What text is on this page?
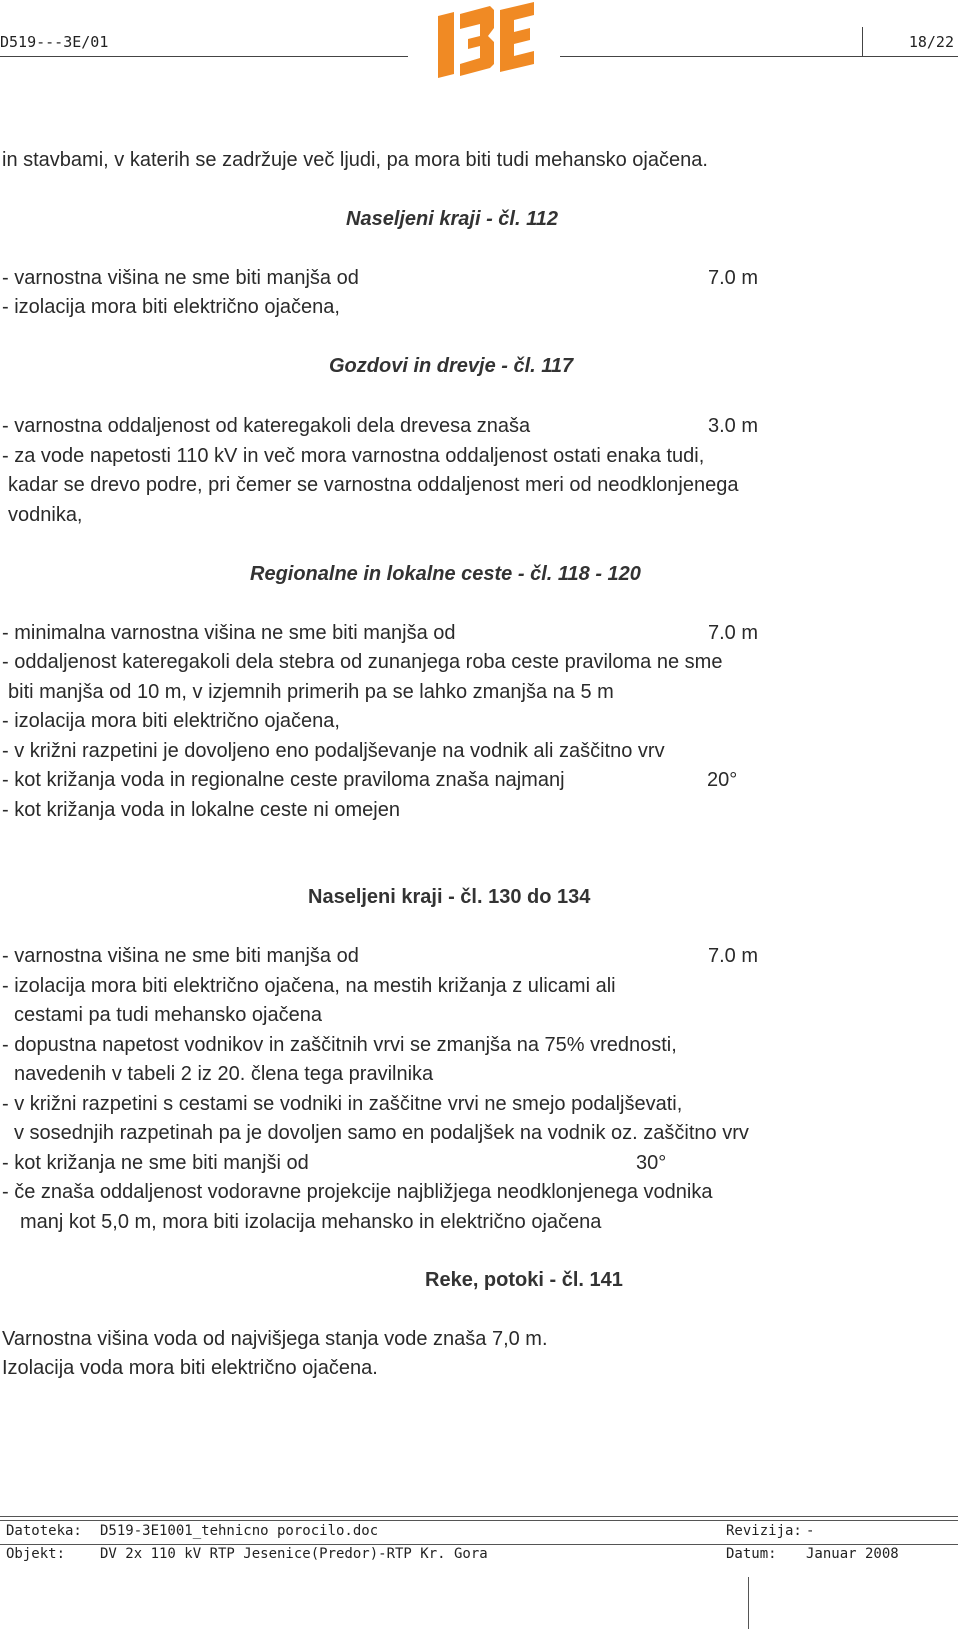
D519---3E/01	18/22
in stavbami, v katerih se zadržuje več ljudi, pa mora biti tudi mehansko ojačena.
Naseljeni kraji - čl. 112
- varnostna višina ne sme biti manjša od	7.0 m
- izolacija mora biti električno ojačena,
Gozdovi in drevje - čl. 117
- varnostna oddaljenost od kateregakoli dela drevesa znaša	3.0 m
- za vode napetosti 110 kV in več mora varnostna oddaljenost ostati enaka tudi,
kadar se drevo podre, pri čemer se varnostna oddaljenost meri od neodklonjenega
vodnika,
Regionalne in lokalne ceste - čl. 118 - 120
- minimalna varnostna višina ne sme biti manjša od	7.0 m
- oddaljenost kateregakoli dela stebra od zunanjega roba ceste praviloma ne sme
biti manjša od 10 m, v izjemnih primerih pa se lahko zmanjša na 5 m
- izolacija mora biti električno ojačena,
- v križni razpetini je dovoljeno eno podaljševanje na vodnik ali zaščitno vrv
- kot križanja voda in regionalne ceste praviloma znaša najmanj	20°
- kot križanja voda in lokalne ceste ni omejen
Naseljeni kraji - čl. 130 do 134
- varnostna višina ne sme biti manjša od	7.0 m
- izolacija mora biti električno ojačena, na mestih križanja z ulicami ali
cestami pa tudi mehansko ojačena
- dopustna napetost vodnikov in zaščitnih vrvi se zmanjša na 75% vrednosti,
navedenih v tabeli 2 iz 20. člena tega pravilnika
- v križni razpetini s cestami se vodniki in zaščitne vrvi ne smejo podaljševati,
v sosednjih razpetinah pa je dovoljen samo en podaljšek na vodnik oz. zaščitno vrv
- kot križanja ne sme biti manjši od	30°
- če znaša oddaljenost vodoravne projekcije najbližjega neodklonjenega vodnika
manj kot 5,0 m, mora biti izolacija mehansko in električno ojačena
Reke, potoki - čl. 141
Varnostna višina voda od najvišjega stanja vode znaša 7,0 m.
Izolacija voda mora biti električno ojačena.
Datoteka: D519-3E1001_tehnicno porocilo.doc	Revizija: -
Objekt: DV 2x 110 kV RTP Jesenice(Predor)-RTP Kr. Gora	Datum: Januar 2008
